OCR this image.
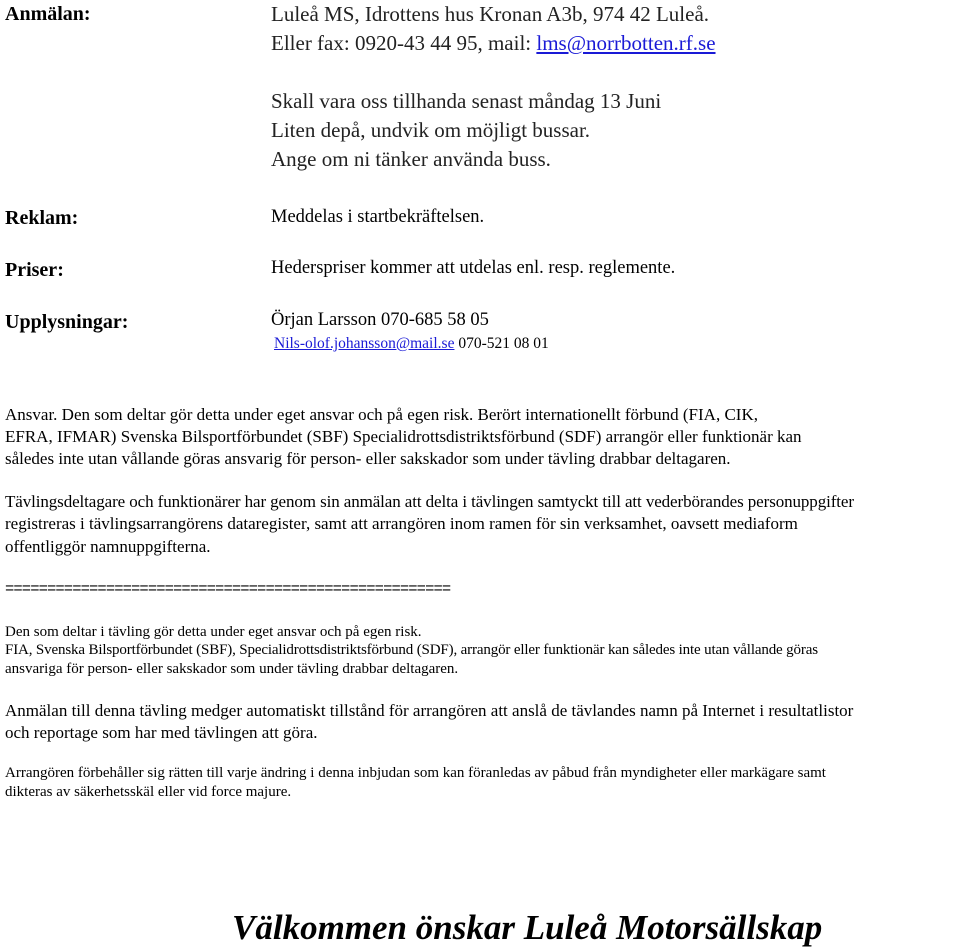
Anmälan:
Reklam:
Priser:
Upplysningar:
Luleå MS, Idrottens hus Kronan A3b, 974 42 Luleå.
Eller fax: 0920-43 44 95, mail: lms@norrbotten.rf.se
Skall vara oss tillhanda senast måndag 13 Juni
Liten depå, undvik om möjligt bussar.
Ange om ni tänker använda buss.
Meddelas i startbekräftelsen.
Hederspriser kommer att utdelas enl. resp. reglemente.
Örjan Larsson 070-685 58 05
Nils-olof.johansson@mail.se 070-521 08 01
Ansvar. Den som deltar gör detta under eget ansvar och på egen risk. Berört internationellt förbund (FIA, CIK,
EFRA, IFMAR) Svenska Bilsportförbundet (SBF) Specialidrottsdistriktsförbund (SDF) arrangör eller funktionär kan
således inte utan vållande göras ansvarig för person- eller sakskador som under tävling drabbar deltagaren.
Tävlingsdeltagare och funktionärer har genom sin anmälan att delta i tävlingen samtyckt till att vederbörandes personuppgifter
registreras i tävlingsarrangörens dataregister, samt att arrangören inom ramen för sin verksamhet, oavsett mediaform
offentliggör namnuppgifterna.
=====================================================
Den som deltar i tävling gör detta under eget ansvar och på egen risk.
FIA, Svenska Bilsportförbundet (SBF), Specialidrottsdistriktsförbund (SDF), arrangör eller funktionär kan således inte utan vållande göras
ansvariga för person- eller sakskador som under tävling drabbar deltagaren.
Anmälan till denna tävling medger automatiskt tillstånd för arrangören att anslå de tävlandes namn på Internet i resultatlistor
och reportage som har med tävlingen att göra.
Arrangören förbehåller sig rätten till varje ändring i denna inbjudan som kan föranledas av påbud från myndigheter eller markägare samt
dikteras av säkerhetsskäl eller vid force majure.
Välkommen önskar Luleå Motorsällskap
